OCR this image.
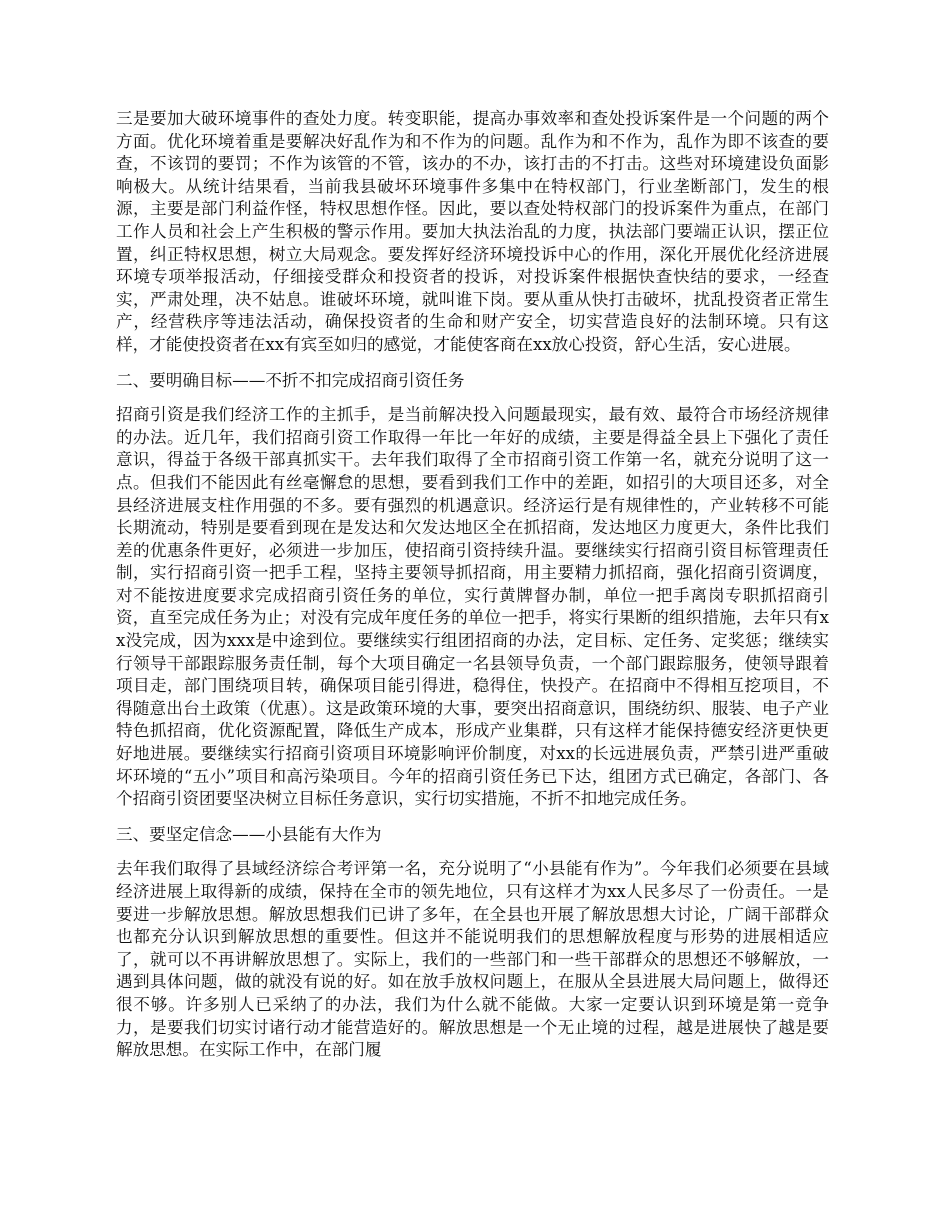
三是要加大破环境事件的查处力度。转变职能，提高办事效率和查处投诉案件是一个问题的两个方面。优化环境着重是要解决好乱作为和不作为的问题。乱作为和不作为，乱作为即不该查的要查，不该罚的要罚；不作为该管的不管，该办的不办，该打击的不打击。这些对环境建设负面影响极大。从统计结果看，当前我县破坏环境事件多集中在特权部门，行业垄断部门，发生的根源，主要是部门利益作怪，特权思想作怪。因此，要以查处特权部门的投诉案件为重点，在部门工作人员和社会上产生积极的警示作用。要加大执法治乱的力度，执法部门要端正认识，摆正位置，纠正特权思想，树立大局观念。要发挥好经济环境投诉中心的作用，深化开展优化经济进展环境专项举报活动，仔细接受群众和投资者的投诉，对投诉案件根据快查快结的要求，一经查实，严肃处理，决不姑息。谁破坏环境，就叫谁下岗。要从重从快打击破坏，扰乱投资者正常生产，经营秩序等违法活动，确保投资者的生命和财产安全，切实营造良好的法制环境。只有这样，才能使投资者在xx有宾至如归的感觉，才能使客商在xx放心投资，舒心生活，安心进展。

二、要明确目标——不折不扣完成招商引资任务

招商引资是我们经济工作的主抓手，是当前解决投入问题最现实，最有效、最符合市场经济规律的办法。近几年，我们招商引资工作取得一年比一年好的成绩，主要是得益全县上下强化了责任意识，得益于各级干部真抓实干。去年我们取得了全市招商引资工作第一名，就充分说明了这一点。但我们不能因此有丝毫懈怠的思想，要看到我们工作中的差距，如招引的大项目还多，对全县经济进展支柱作用强的不多。要有强烈的机遇意识。经济运行是有规律性的，产业转移不可能长期流动，特别是要看到现在是发达和欠发达地区全在抓招商，发达地区力度更大，条件比我们差的优惠条件更好，必须进一步加压，使招商引资持续升温。要继续实行招商引资目标管理责任制，实行招商引资一把手工程，坚持主要领导抓招商，用主要精力抓招商，强化招商引资调度，对不能按进度要求完成招商引资任务的单位，实行黄牌督办制，单位一把手离岗专职抓招商引资，直至完成任务为止；对没有完成年度任务的单位一把手，将实行果断的组织措施，去年只有xx没完成，因为xxx是中途到位。要继续实行组团招商的办法，定目标、定任务、定奖惩；继续实行领导干部跟踪服务责任制，每个大项目确定一名县领导负责，一个部门跟踪服务，使领导跟着项目走，部门围绕项目转，确保项目能引得进，稳得住，快投产。在招商中不得相互挖项目，不得随意出台土政策（优惠）。这是政策环境的大事，要突出招商意识，围绕纺织、服装、电子产业特色抓招商，优化资源配置，降低生产成本，形成产业集群，只有这样才能保持德安经济更快更好地进展。要继续实行招商引资项目环境影响评价制度，对xx的长远进展负责，严禁引进严重破坏环境的“五小”项目和高污染项目。今年的招商引资任务已下达，组团方式已确定，各部门、各个招商引资团要坚决树立目标任务意识，实行切实措施，不折不扣地完成任务。

三、要坚定信念——小县能有大作为

去年我们取得了县域经济综合考评第一名，充分说明了“小县能有作为”。今年我们必须要在县域经济进展上取得新的成绩，保持在全市的领先地位，只有这样才为xx人民多尽了一份责任。一是要进一步解放思想。解放思想我们已讲了多年，在全县也开展了解放思想大讨论，广阔干部群众也都充分认识到解放思想的重要性。但这并不能说明我们的思想解放程度与形势的进展相适应了，就可以不再讲解放思想了。实际上，我们的一些部门和一些干部群众的思想还不够解放，一遇到具体问题，做的就没有说的好。如在放手放权问题上，在服从全县进展大局问题上，做得还很不够。许多别人已采纳了的办法，我们为什么就不能做。大家一定要认识到环境是第一竞争力，是要我们切实讨诸行动才能营造好的。解放思想是一个无止境的过程，越是进展快了越是要解放思想。在实际工作中，在部门履
